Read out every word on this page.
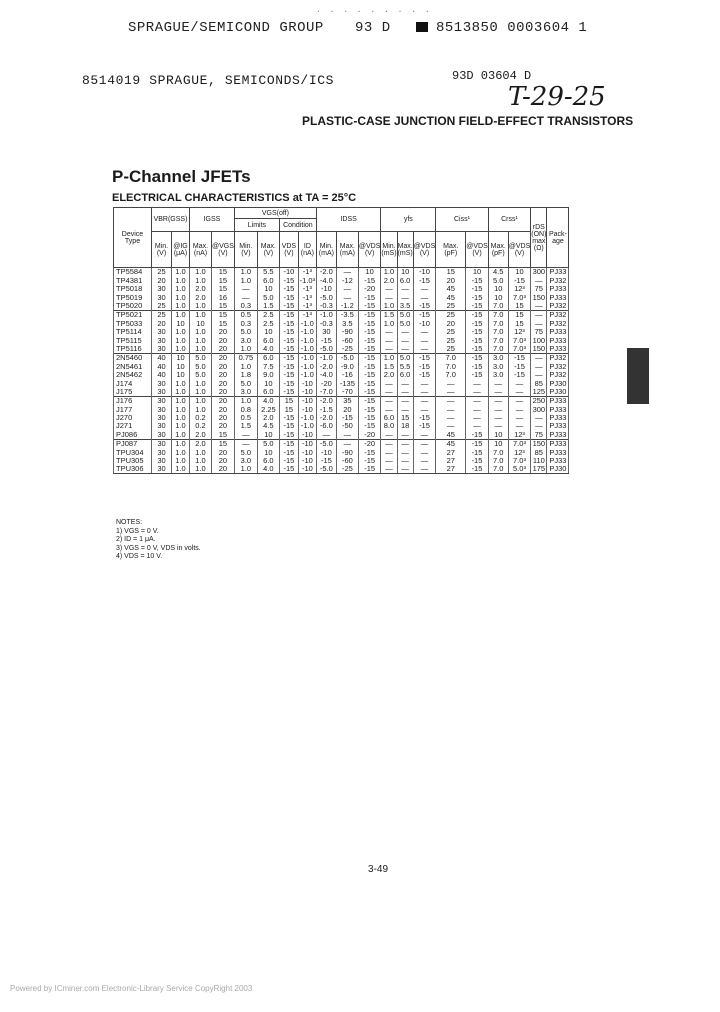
. . . . . . . . .
SPRAGUE/SEMICOND GROUP 93 D	8513850 0003604 1
8514019 SPRAGUE, SEMICONDS/ICS	93D 03604 D
T-29-25
PLASTIC-CASE JUNCTION FIELD-EFFECT TRANSISTORS
P-Channel JFETs
ELECTRICAL CHARACTERISTICS at TA = 25°C
Device Type	VBR(GSS)		IGSS		VGS(off)				IDSS			yfs			Ciss¹		Crss¹		rDS (ON) max (Ω)	Pack-age
					Limits		Condition													
	Min. (V)	@IG (μA)	Max. (nA)	@VGS (V)	Min. (V)	Max. (V)	VDS (V)	ID (nA)	Min. (mA)	Max. (mA)	@VDS (V)	Min. (mS)	Max. (mS)	@VDS (V)	Max. (pF)	@VDS (V)	Max. (pF)	@VDS (V)		
TP5584	25	1.0	1.0	15	1.0	5.5	-10	-1³	-2.0	—	10	1.0	10	-10	15	10	4.5	10	300	PJ33
TP4381	20	1.0	1.0	15	1.0	6.0	-15	-1.0³	-4.0	-12	-15	2.0	6.0	-15	20	-15	5.0	-15	—	PJ32
TP5018	30	1.0	2.0	15	—	10	-15	-1³	-10	—	-20	—	—	—	45	-15	10	12³	75	PJ33
TP5019	30	1.0	2.0	16	—	5.0	-15	-1³	-5.0	—	-15	—	—	—	45	-15	10	7.0³	150	PJ33
TP5020	25	1.0	1.0	15	0.3	1.5	-15	-1³	-0.3	-1.2	-15	1.0	3.5	-15	25	-15	7.0	15	—	PJ32
TP5021	25	1.0	1.0	15	0.5	2.5	-15	-1³	-1.0	-3.5	-15	1.5	5.0	-15	25	-15	7.0	15	—	PJ32
TP5033	20	10	10	15	0.3	2.5	-15	-1.0	-0.3	3.5	-15	1.0	5.0	-10	20	-15	7.0	15	—	PJ32
TP5114	30	1.0	1.0	20	5.0	10	-15	-1.0	30	-90	-15	—	—	—	25	-15	7.0	12³	75	PJ33
TP5115	30	1.0	1.0	20	3.0	6.0	-15	-1.0	-15	-60	-15	—	—	—	25	-15	7.0	7.0³	100	PJ33
TP5116	30	1.0	1.0	20	1.0	4.0	-15	-1.0	-5.0	-25	-15	—	—	—	25	-15	7.0	7.0³	150	PJ33
2N5460	40	10	5.0	20	0.75	6.0	-15	-1.0	-1.0	-5.0	-15	1.0	5.0	-15	7.0	-15	3.0	-15	—	PJ32
2N5461	40	10	5.0	20	1.0	7.5	-15	-1.0	-2.0	-9.0	-15	1.5	5.5	-15	7.0	-15	3.0	-15	—	PJ32
2N5462	40	10	5.0	20	1.8	9.0	-15	-1.0	-4.0	-16	-15	2.0	6.0	-15	7.0	-15	3.0	-15	—	PJ32
J174	30	1.0	1.0	20	5.0	10	-15	-10	-20	-135	-15	—	—	—	—	—	—	—	85	PJ30
J175	30	1.0	1.0	20	3.0	6.0	-15	-10	-7.0	-70	-15	—	—	—	—	—	—	—	125	PJ30
J176	30	1.0	1.0	20	1.0	4.0	15	-10	-2.0	35	-15	—	—	—	—	—	—	—	250	PJ33
J177	30	1.0	1.0	20	0.8	2.25	15	-10	-1.5	20	-15	—	—	—	—	—	—	—	300	PJ33
J270	30	1.0	0.2	20	0.5	2.0	-15	-1.0	-2.0	-15	-15	6.0	15	-15	—	—	—	—	—	PJ33
J271	30	1.0	0.2	20	1.5	4.5	-15	-1.0	-6.0	-50	-15	8.0	18	-15	—	—	—	—	—	PJ33
PJ086	30	1.0	2.0	15	—	10	-15	-10	—	—	-20	—	—	—	45	-15	10	12³	75	PJ33
PJ087	30	1.0	2.0	15	—	5.0	-15	-10	-5.0	—	-20	—	—	—	45	-15	10	7.0³	150	PJ33
TPU304	30	1.0	1.0	20	5.0	10	-15	-10	-10	-90	-15	—	—	—	27	-15	7.0	12³	85	PJ33
TPU305	30	1.0	1.0	20	3.0	6.0	-15	-10	-15	-60	-15	—	—	—	27	-15	7.0	7.0³	110	PJ33
TPU306	30	1.0	1.0	20	1.0	4.0	-15	-10	-5.0	-25	-15	—	—	—	27	-15	7.0	5.0³	175	PJ30
NOTES:
1) VGS = 0 V.
2) ID = 1 μA.
3) VGS = 0 V, VDS in volts.
4) VDS = 10 V.
3-49
Powered by ICminer.com Electronic-Library Service CopyRight 2003
